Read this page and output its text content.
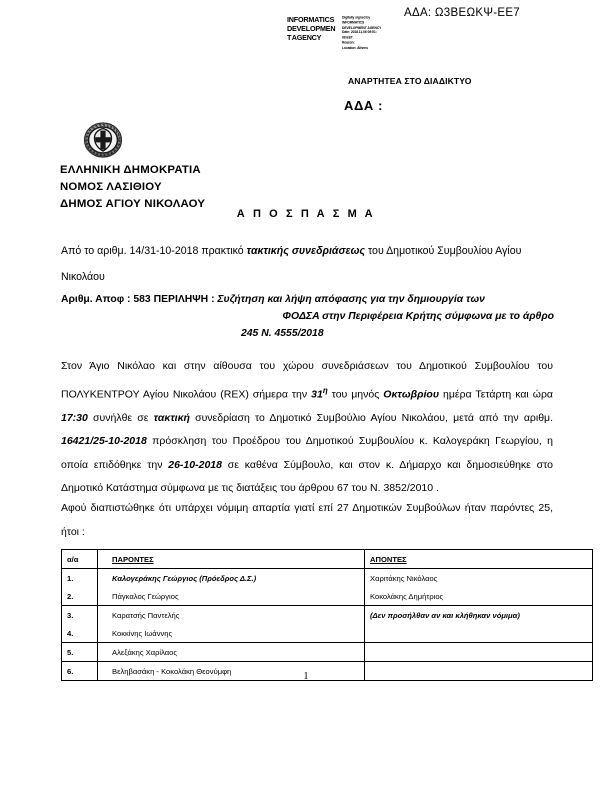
ΑΔΑ: Ω3ΒΕΩΚΨ-ΕΕ7
INFORMATICS
DEVELOPMEN
T AGENCY
Digitally signed by
INFORMATICS
DEVELOPMENT AGENCY
Date: 2018.11.06 09:51:
08 EET
Reason:
Location: Athens
ΑΝΑΡΤΗΤΕΑ ΣΤΟ ΔΙΑΔΙΚΤΥΟ
ΑΔΑ :
ΕΛΛΗΝΙΚΗ ΔΗΜΟΚΡΑΤΙΑ
ΝΟΜΟΣ ΛΑΣΙΘΙΟΥ
ΔΗΜΟΣ ΑΓΙΟΥ ΝΙΚΟΛΑΟΥ
Α Π Ο Σ Π Α Σ Μ Α
Από το αριθμ. 14/31-10-2018 πρακτικό τακτικής συνεδριάσεως του Δημοτικού Συμβουλίου Αγίου Νικολάου
Αριθμ. Αποφ : 583 ΠΕΡΙΛΗΨΗ : Συζήτηση και λήψη απόφασης για την δημιουργία των
ΦΟΔΣΑ στην Περιφέρεια Κρήτης σύμφωνα με το άρθρο
245 Ν. 4555/2018
Στον Άγιο Νικόλαο και στην αίθουσα του χώρου συνεδριάσεων του Δημοτικού Συμβουλίου του ΠΟΛΥΚΕΝΤΡΟΥ Αγίου Νικολάου (REX) σήμερα την $31^\eta$ του μηνός Οκτωβρίου ημέρα Τετάρτη και ώρα 17:30 συνήλθε σε τακτική συνεδρίαση το Δημοτικό Συμβούλιο Αγίου Νικολάου, μετά από την αριθμ. 16421/25-10-2018 πρόσκληση του Προέδρου του Δημοτικού Συμβουλίου κ. Καλογεράκη Γεωργίου, η οποία επιδόθηκε την 26-10-2018 σε καθένα Σύμβουλο, και στον κ. Δήμαρχο και δημοσιεύθηκε στο Δημοτικό Κατάστημα σύμφωνα με τις διατάξεις του άρθρου 67 του Ν. 3852/2010 .
Αφού διαπιστώθηκε ότι υπάρχει νόμιμη απαρτία γιατί επί 27 Δημοτικών Συμβούλων ήταν παρόντες 25, ήτοι :
α/α	ΠΑΡΟΝΤΕΣ	ΑΠΟΝΤΕΣ
1.	Καλογεράκης Γεώργιος (Πρόεδρος Δ.Σ.)	Χαριτάκης Νικόλαος
2.	Πάγκαλος Γεώργιος	Κοκολάκης Δημήτριος
3.	Καρατσής Παντελής	(Δεν προσήλθαν αν και κλήθηκαν νόμιμα)
4.	Κοκκίνης Ιωάννης	
5.	Αλεξάκης Χαρίλαος	
6.	Βεληβασάκη - Κοκολάκη Θεονύμφη		1
